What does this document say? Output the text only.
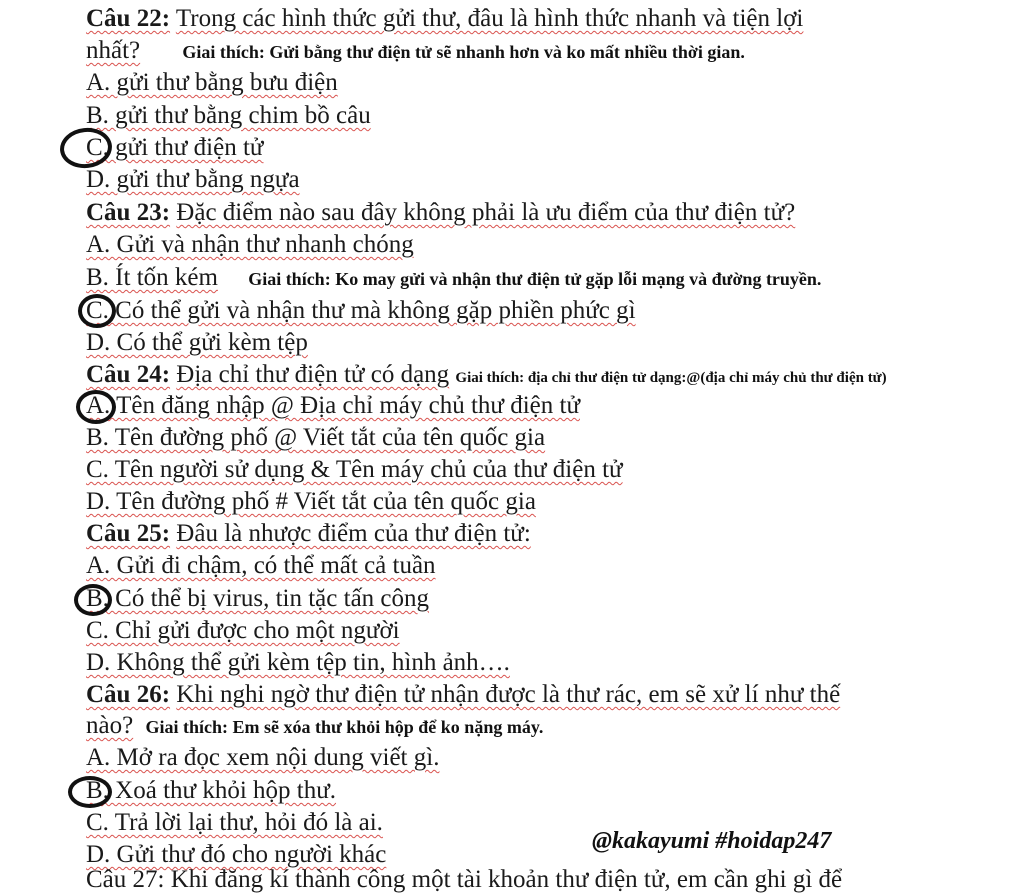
Câu 22: Trong các hình thức gửi thư, đâu là hình thức nhanh và tiện lợi
nhất? Giai thích: Gửi bằng thư điện tử sẽ nhanh hơn và ko mất nhiều thời gian.
A. gửi thư bằng bưu điện
B. gửi thư bằng chim bồ câu
C. gửi thư điện tử
D. gửi thư bằng ngựa
Câu 23: Đặc điểm nào sau đây không phải là ưu điểm của thư điện tử?
A. Gửi và nhận thư nhanh chóng
B. Ít tốn kém Giai thích: Ko may gửi và nhận thư điện tử gặp lỗi mạng và đường truyền.
C. Có thể gửi và nhận thư mà không gặp phiền phức gì
D. Có thể gửi kèm tệp
Câu 24: Địa chỉ thư điện tử có dạng Giai thích: địa chỉ thư điện tử dạng:@(địa chỉ máy chủ thư điện tử)
A. Tên đăng nhập @ Địa chỉ máy chủ thư điện tử
B. Tên đường phố @ Viết tắt của tên quốc gia
C. Tên người sử dụng & Tên máy chủ của thư điện tử
D. Tên đường phố # Viết tắt của tên quốc gia
Câu 25: Đâu là nhược điểm của thư điện tử:
A. Gửi đi chậm, có thể mất cả tuần
B. Có thể bị virus, tin tặc tấn công
C. Chỉ gửi được cho một người
D. Không thể gửi kèm tệp tin, hình ảnh….
Câu 26: Khi nghi ngờ thư điện tử nhận được là thư rác, em sẽ xử lí như thế
nào? Giai thích: Em sẽ xóa thư khỏi hộp để ko nặng máy.
A. Mở ra đọc xem nội dung viết gì.
B. Xoá thư khỏi hộp thư.
C. Trả lời lại thư, hỏi đó là ai.
D. Gửi thư đó cho người khác
Câu 27: Khi đăng kí thành công một tài khoản thư điện tử, em cần ghi gì để
@kakayumi #hoidap247
